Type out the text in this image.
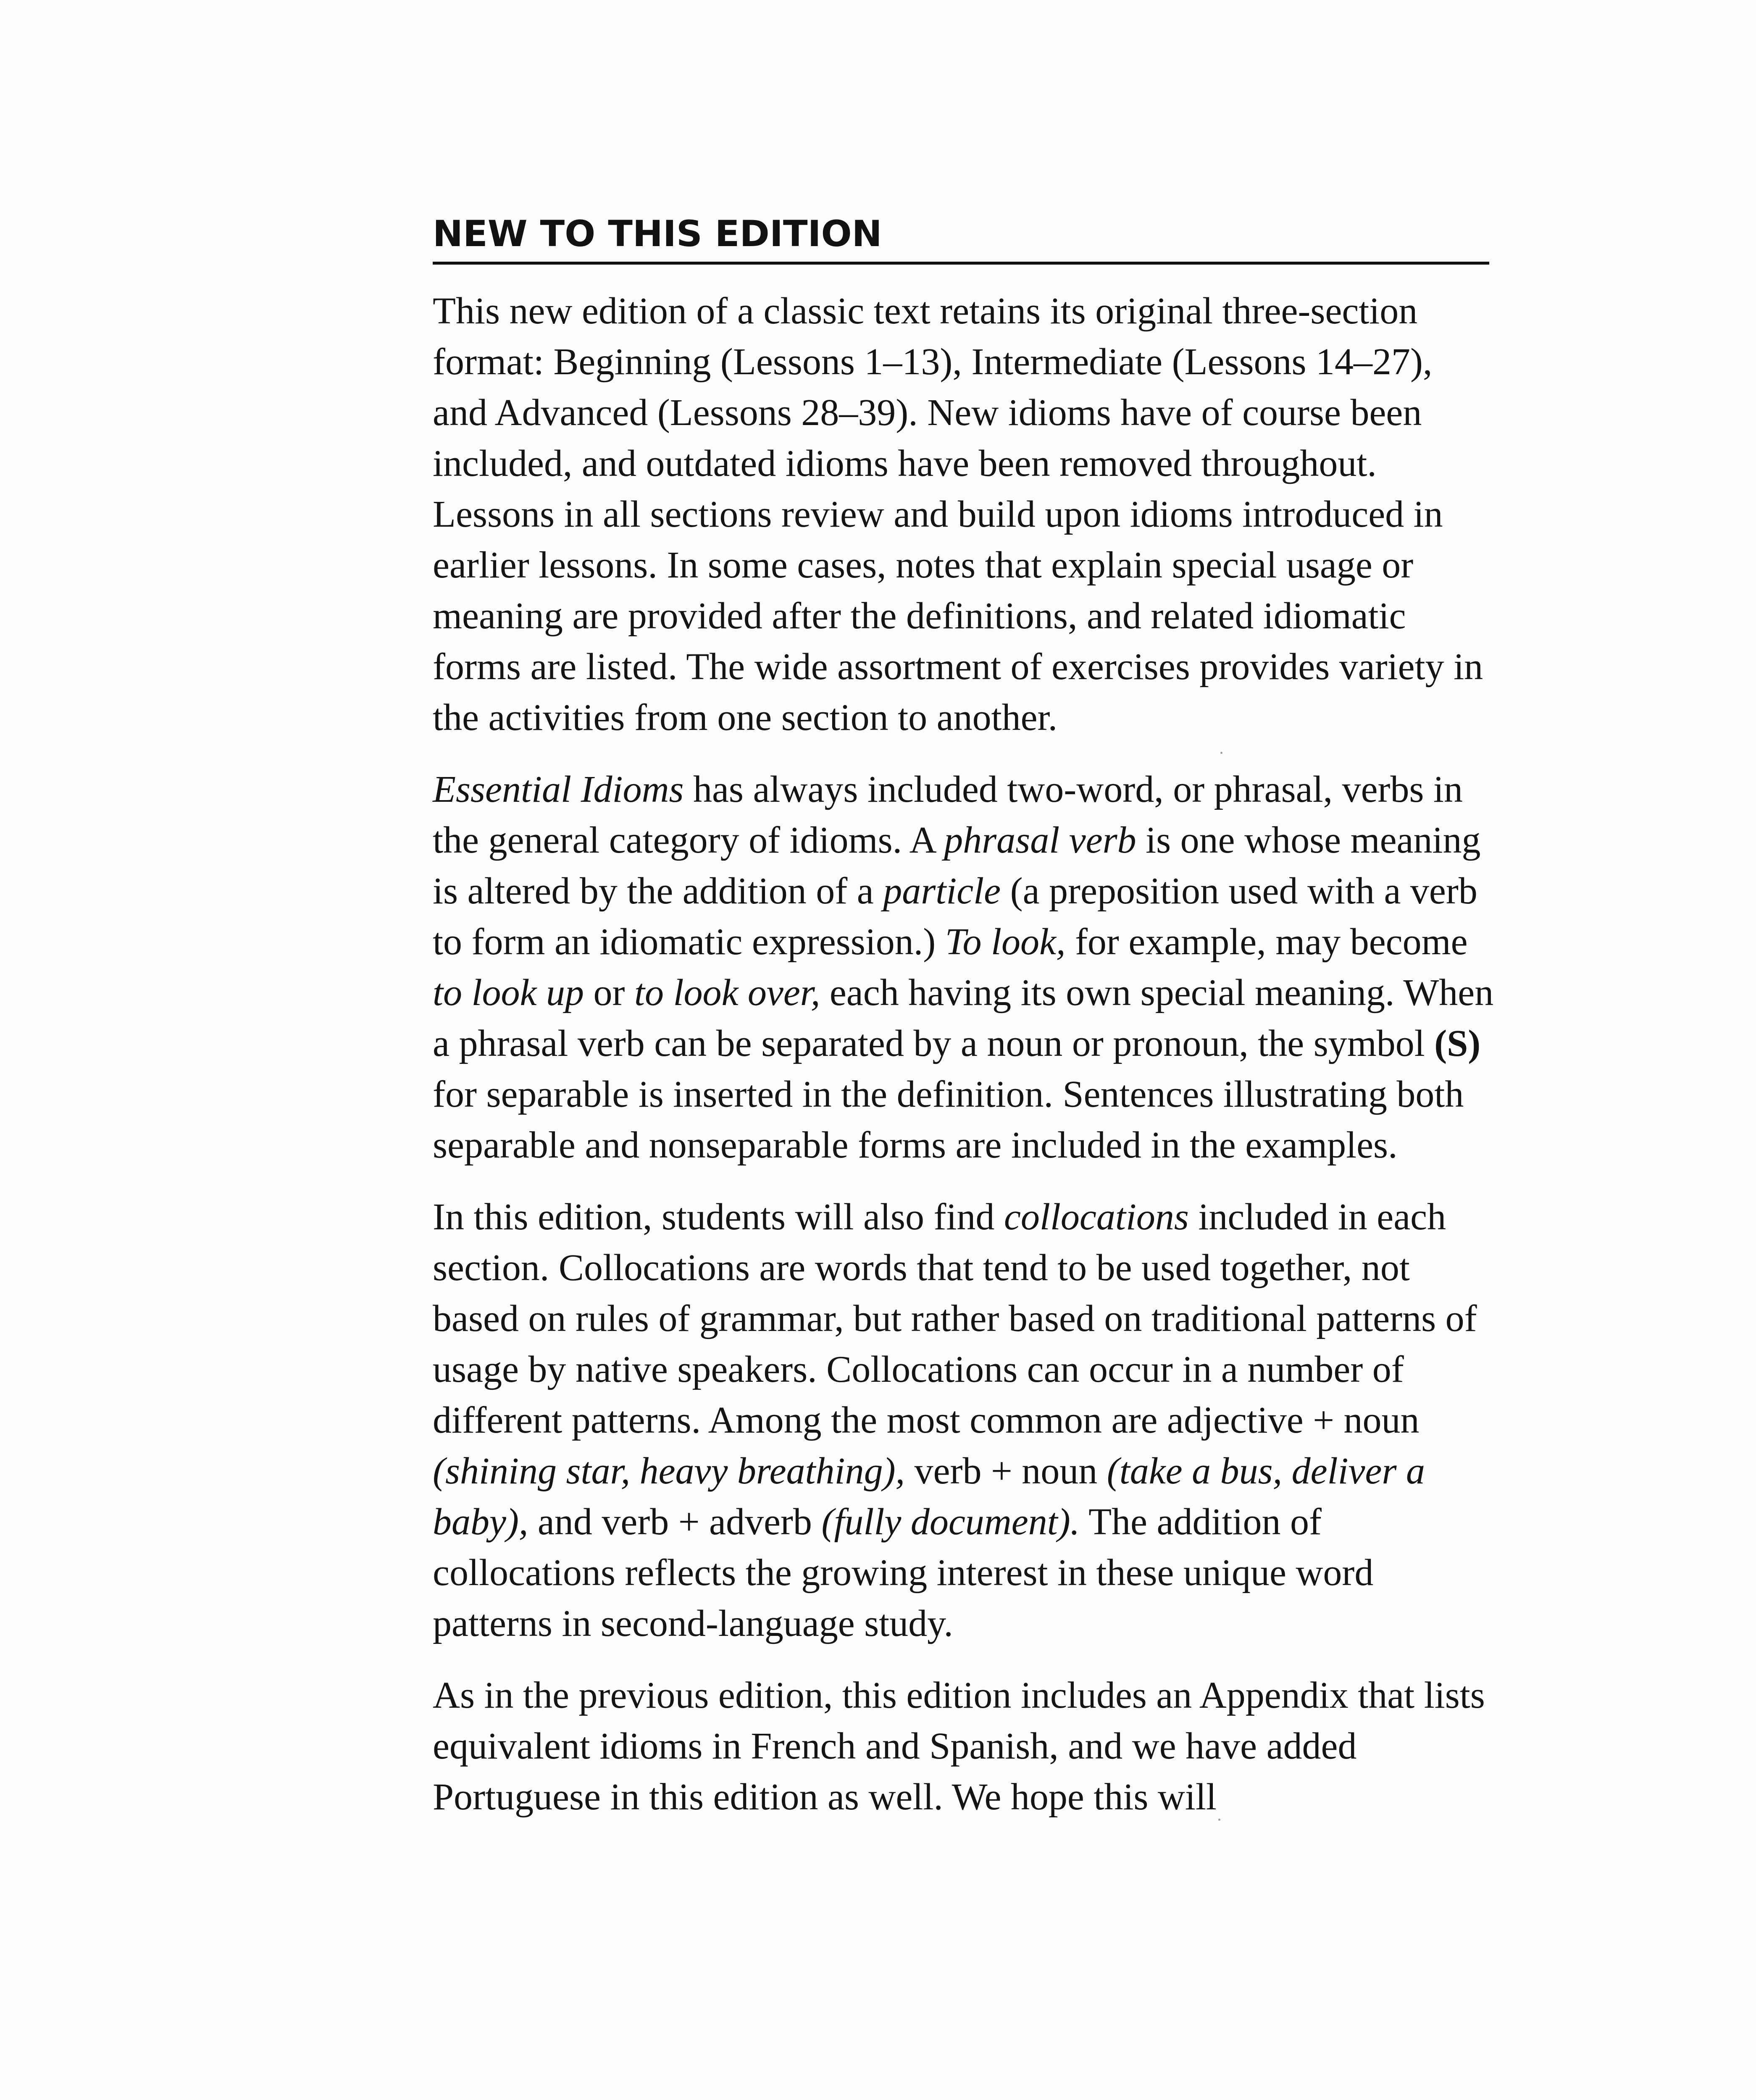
NEW TO THIS EDITION

This new edition of a classic text retains its original three-section format: Beginning (Lessons 1–13), Intermediate (Lessons 14–27), and Advanced (Lessons 28–39). New idioms have of course been included, and outdated idioms have been removed throughout. Lessons in all sections review and build upon idioms introduced in earlier lessons. In some cases, notes that explain special usage or meaning are provided after the definitions, and related idiomatic forms are listed. The wide assortment of exercises provides variety in the activities from one section to another.

Essential Idioms has always included two-word, or phrasal, verbs in the general category of idioms. A phrasal verb is one whose meaning is altered by the addition of a particle (a preposition used with a verb to form an idiomatic expression.) To look, for example, may become to look up or to look over, each having its own special meaning. When a phrasal verb can be separated by a noun or pronoun, the symbol (S) for separable is inserted in the definition. Sentences illustrating both separable and nonseparable forms are included in the examples.

In this edition, students will also find collocations included in each section. Collocations are words that tend to be used together, not based on rules of grammar, but rather based on traditional patterns of usage by native speakers. Collocations can occur in a number of different patterns. Among the most common are adjective + noun (shining star, heavy breathing), verb + noun (take a bus, deliver a baby), and verb + adverb (fully document). The addition of collocations reflects the growing interest in these unique word patterns in second-language study.

As in the previous edition, this edition includes an Appendix that lists equivalent idioms in French and Spanish, and we have added Portuguese in this edition as well. We hope this will
